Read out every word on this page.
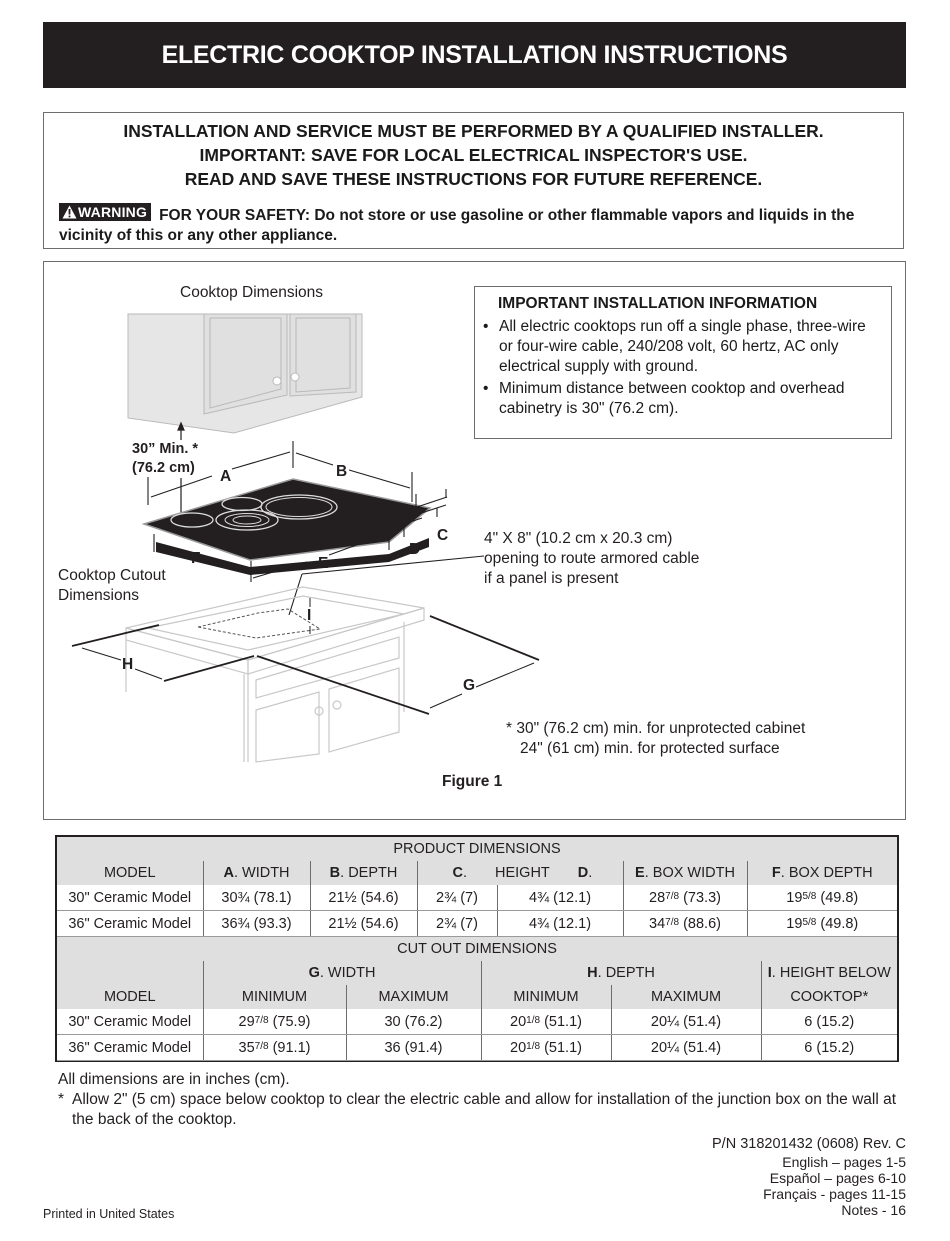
ELECTRIC COOKTOP INSTALLATION INSTRUCTIONS
INSTALLATION AND SERVICE MUST BE PERFORMED BY A QUALIFIED INSTALLER.
IMPORTANT: SAVE FOR LOCAL ELECTRICAL INSPECTOR'S USE.
READ AND SAVE THESE INSTRUCTIONS FOR FUTURE REFERENCE.
WARNING FOR YOUR SAFETY: Do not store or use gasoline or other flammable vapors and liquids in the vicinity of this or any other appliance.
Cooktop Dimensions
30” Min. *
(76.2 cm) A	B
C
D
E
F
G
H
I
Cooktop Cutout
Dimensions
4" X 8" (10.2 cm x 20.3 cm)
opening to route armored cable
if a panel is present
* 30" (76.2 cm) min. for unprotected cabinet
24" (61 cm) min. for protected surface
Figure 1
IMPORTANT INSTALLATION INFORMATION
• All electric cooktops run off a single phase, three-wire or four-wire cable, 240/208 volt, 60 hertz, AC only electrical supply with ground.
• Minimum distance between cooktop and overhead cabinetry is 30" (76.2 cm).
PRODUCT DIMENSIONS						
MODEL	A. WIDTH	B. DEPTH	C. HEIGHT D.		E. BOX WIDTH	F. BOX DEPTH
30" Ceramic Model	30¾ (78.1)	21½ (54.6)	2¾ (7)	4¾ (12.1)	$28^{7/8}$ (73.3)	$19^{5/8}$ (49.8)
36" Ceramic Model	36¾ (93.3)	21½ (54.6)	2¾ (7)	4¾ (12.1)	$34^{7/8}$ (88.6)	$19^{5/8}$ (49.8)
CUT OUT DIMENSIONS					
	G. WIDTH		H. DEPTH		I. HEIGHT BELOW
MODEL	MINIMUM	MAXIMUM	MINIMUM	MAXIMUM	COOKTOP*
30" Ceramic Model	$29^{7/8}$ (75.9)	30 (76.2)	$20^{1/8}$ (51.1)	20¼ (51.4)	6 (15.2)
36" Ceramic Model	$35^{7/8}$ (91.1)	36 (91.4)	$20^{1/8}$ (51.1)	20¼ (51.4)	6 (15.2)
All dimensions are in inches (cm).
* Allow 2" (5 cm) space below cooktop to clear the electric cable and allow for installation of the junction box on the wall at the back of the cooktop.
P/N 318201432 (0608) Rev. C
English – pages 1-5
Español – pages 6-10
Français - pages 11-15
Notes - 16
Printed in United States
